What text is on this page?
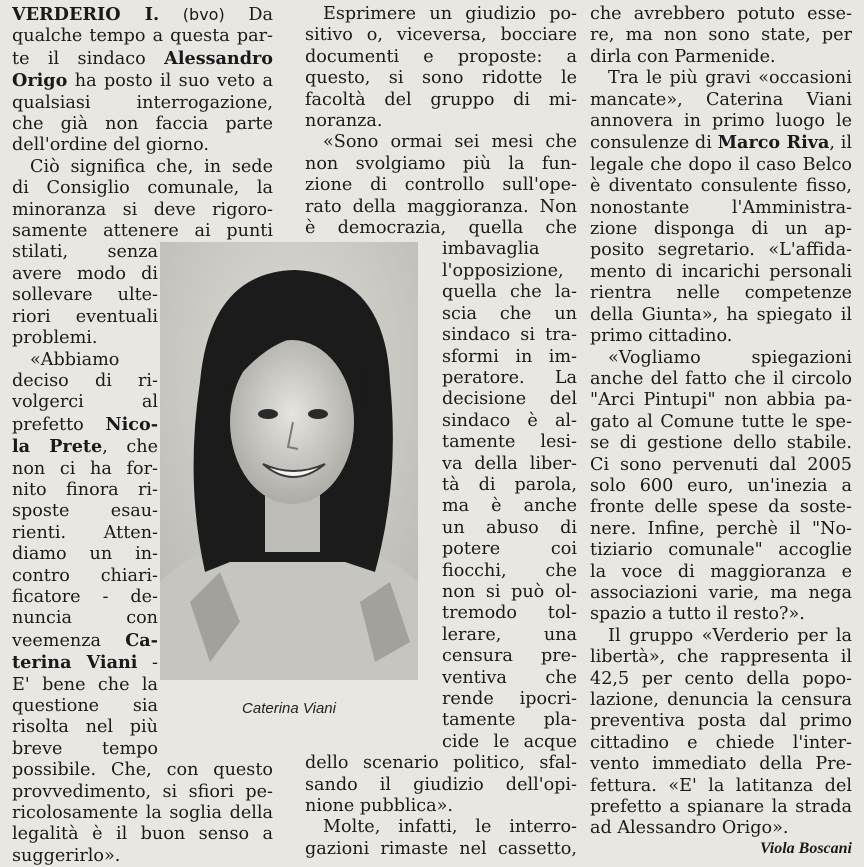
VERDERIO I. (bvo) Da
qualche tempo a questa par-
te il sindaco Alessandro
Origo ha posto il suo veto a
qualsiasi interrogazione,
che già non faccia parte
dell'ordine del giorno.
Ciò significa che, in sede
di Consiglio comunale, la
minoranza si deve rigoro-
samente attenere ai punti
stilati, senza
avere modo di
sollevare ulte-
riori eventuali
problemi.
«Abbiamo
deciso di ri-
volgerci al
prefetto Nico-
la Prete, che
non ci ha for-
nito finora ri-
sposte esau-
rienti. Atten-
diamo un in-
contro chiari-
ficatore - de-
nuncia con
veemenza Ca-
terina Viani -
E' bene che la
questione sia
risolta nel più
breve tempo
possibile. Che, con questo
provvedimento, si sfiori pe-
ricolosamente la soglia della
legalità è il buon senso a
suggerirlo».
Caterina Viani
Esprimere un giudizio po-
sitivo o, viceversa, bocciare
documenti e proposte: a
questo, si sono ridotte le
facoltà del gruppo di mi-
noranza.
«Sono ormai sei mesi che
non svolgiamo più la fun-
zione di controllo sull'ope-
rato della maggioranza. Non
è democrazia, quella che
imbavaglia
l'opposizione,
quella che la-
scia che un
sindaco si tra-
sformi in im-
peratore. La
decisione del
sindaco è al-
tamente lesi-
va della liber-
tà di parola,
ma è anche
un abuso di
potere coi
fiocchi, che
non si può ol-
tremodo tol-
lerare, una
censura pre-
ventiva che
rende ipocri-
tamente pla-
cide le acque
dello scenario politico, sfal-
sando il giudizio dell'opi-
nione pubblica».
Molte, infatti, le interro-
gazioni rimaste nel cassetto,
che avrebbero potuto esse-
re, ma non sono state, per
dirla con Parmenide.
Tra le più gravi «occasioni
mancate», Caterina Viani
annovera in primo luogo le
consulenze di Marco Riva, il
legale che dopo il caso Belco
è diventato consulente fisso,
nonostante l'Amministra-
zione disponga di un ap-
posito segretario. «L'affida-
mento di incarichi personali
rientra nelle competenze
della Giunta», ha spiegato il
primo cittadino.
«Vogliamo spiegazioni
anche del fatto che il circolo
"Arci Pintupi" non abbia pa-
gato al Comune tutte le spe-
se di gestione dello stabile.
Ci sono pervenuti dal 2005
solo 600 euro, un'inezia a
fronte delle spese da soste-
nere. Infine, perchè il "No-
tiziario comunale" accoglie
la voce di maggioranza e
associazioni varie, ma nega
spazio a tutto il resto?».
Il gruppo «Verderio per la
libertà», che rappresenta il
42,5 per cento della popo-
lazione, denuncia la censura
preventiva posta dal primo
cittadino e chiede l'inter-
vento immediato della Pre-
fettura. «E' la latitanza del
prefetto a spianare la strada
ad Alessandro Origo».
Viola Boscani
